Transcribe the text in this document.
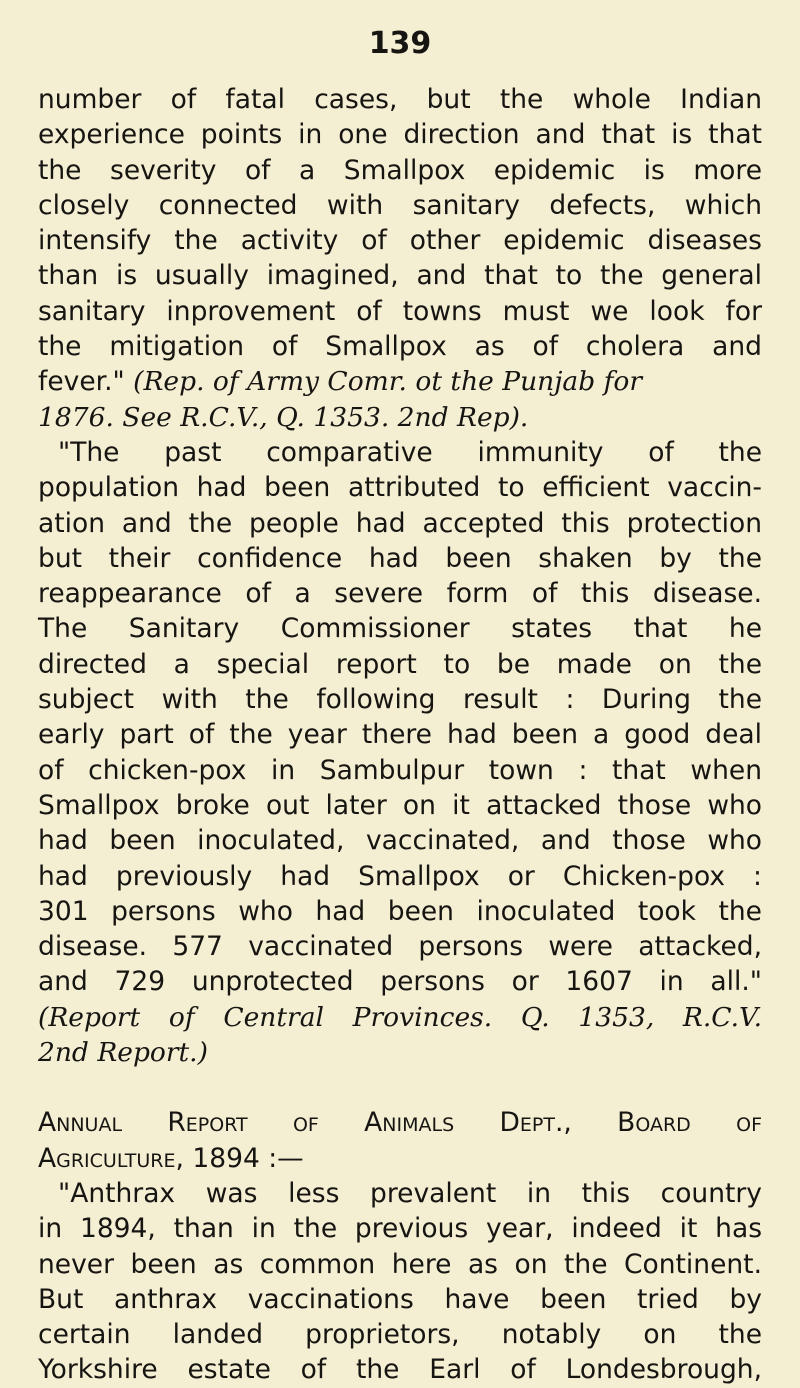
139
number of fatal cases, but the whole Indian
experience points in one direction and that is that
the severity of a Smallpox epidemic is more
closely connected with sanitary defects, which
intensify the activity of other epidemic diseases
than is usually imagined, and that to the general
sanitary inprovement of towns must we look for
the mitigation of Smallpox as of cholera and
fever." (Rep. of Army Comr. ot the Punjab for
1876. See R.C.V., Q. 1353. 2nd Rep).
"The past comparative immunity of the
population had been attributed to efficient vaccin-
ation and the people had accepted this protection
but their confidence had been shaken by the
reappearance of a severe form of this disease.
The Sanitary Commissioner states that he
directed a special report to be made on the
subject with the following result : During the
early part of the year there had been a good deal
of chicken-pox in Sambulpur town : that when
Smallpox broke out later on it attacked those who
had been inoculated, vaccinated, and those who
had previously had Smallpox or Chicken-pox :
301 persons who had been inoculated took the
disease. 577 vaccinated persons were attacked,
and 729 unprotected persons or 1607 in all."
(Report of Central Provinces. Q. 1353, R.C.V.
2nd Report.)
Annual Report of Animals Dept., Board of
Agriculture, 1894 :—
"Anthrax was less prevalent in this country
in 1894, than in the previous year, indeed it has
never been as common here as on the Continent.
But anthrax vaccinations have been tried by
certain landed proprietors, notably on the
Yorkshire estate of the Earl of Londesbrough,
